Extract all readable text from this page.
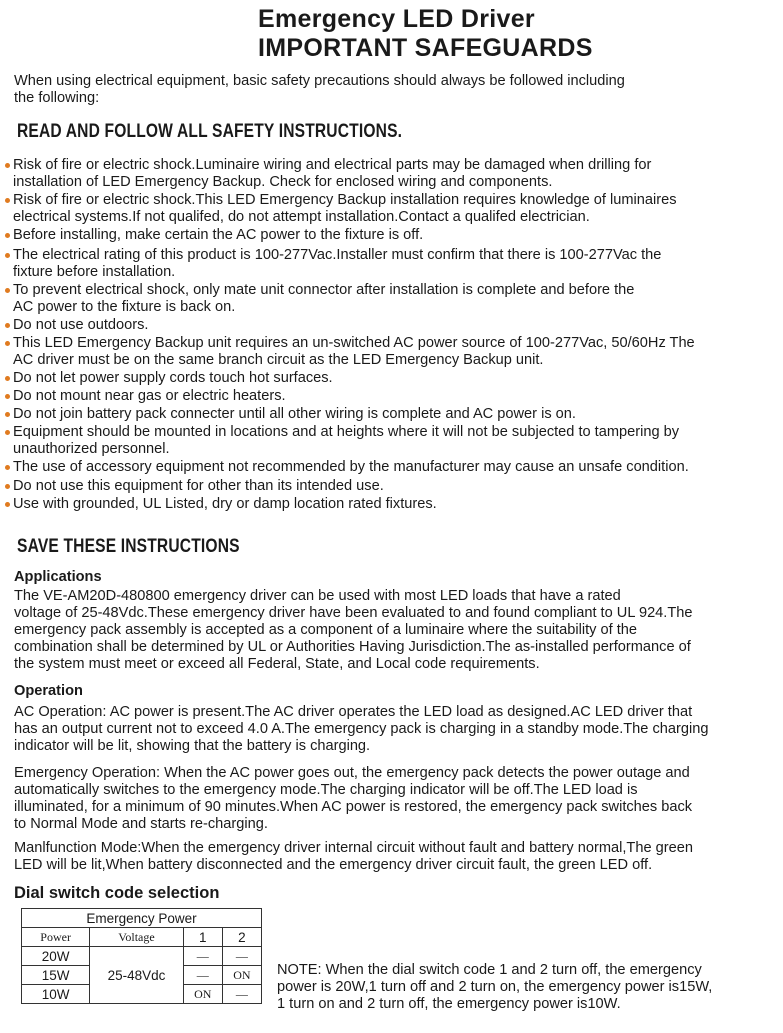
Emergency LED Driver
IMPORTANT SAFEGUARDS
When using electrical equipment, basic safety precautions should always be followed including
the following:
READ AND FOLLOW ALL SAFETY INSTRUCTIONS.
Risk of fire or electric shock.Luminaire wiring and electrical parts may be damaged when drilling for
installation of LED Emergency Backup. Check for enclosed wiring and components.
Risk of fire or electric shock.This LED Emergency Backup installation requires knowledge of luminaires
electrical systems.If not qualifed, do not attempt installation.Contact a qualifed electrician.
Before installing, make certain the AC power to the fixture is off.
The electrical rating of this product is 100-277Vac.Installer must confirm that there is 100-277Vac the
fixture before installation.
To prevent electrical shock, only mate unit connector after installation is complete and before the
AC power to the fixture is back on.
Do not use outdoors.
This LED Emergency Backup unit requires an un-switched AC power source of 100-277Vac, 50/60Hz The
AC driver must be on the same branch circuit as the LED Emergency Backup unit.
Do not let power supply cords touch hot surfaces.
Do not mount near gas or electric heaters.
Do not join battery pack connecter until all other wiring is complete and AC power is on.
Equipment should be mounted in locations and at heights where it will not be subjected to tampering by
unauthorized personnel.
The use of accessory equipment not recommended by the manufacturer may cause an unsafe condition.
Do not use this equipment for other than its intended use.
Use with grounded, UL Listed, dry or damp location rated fixtures.
SAVE THESE INSTRUCTIONS
Applications
The VE-AM20D-480800 emergency driver can be used with most LED loads that have a rated
voltage of 25-48Vdc.These emergency driver have been evaluated to and found compliant to UL 924.The
emergency pack assembly is accepted as a component of a luminaire where the suitability of the
combination shall be determined by UL or Authorities Having Jurisdiction.The as-installed performance of
the system must meet or exceed all Federal, State, and Local code requirements.
Operation
AC Operation: AC power is present.The AC driver operates the LED load as designed.AC LED driver that
has an output current not to exceed 4.0 A.The emergency pack is charging in a standby mode.The charging
indicator will be lit, showing that the battery is charging.
Emergency Operation: When the AC power goes out, the emergency pack detects the power outage and
automatically switches to the emergency mode.The charging indicator will be off.The LED load is
illuminated, for a minimum of 90 minutes.When AC power is restored, the emergency pack switches back
to Normal Mode and starts re-charging.
Manlfunction Mode:When the emergency driver internal circuit without fault and battery normal,The green
LED will be lit,When battery disconnected and the emergency driver circuit fault, the green LED off.
Dial switch code selection
Emergency Power			
Power	Voltage	1	2
20W	25-48Vdc	—	—
15W		—	ON
10W		ON	—
NOTE: When the dial switch code 1 and 2 turn off, the emergency
power is 20W,1 turn off and 2 turn on, the emergency power is15W,
1 turn on and 2 turn off, the emergency power is10W.
